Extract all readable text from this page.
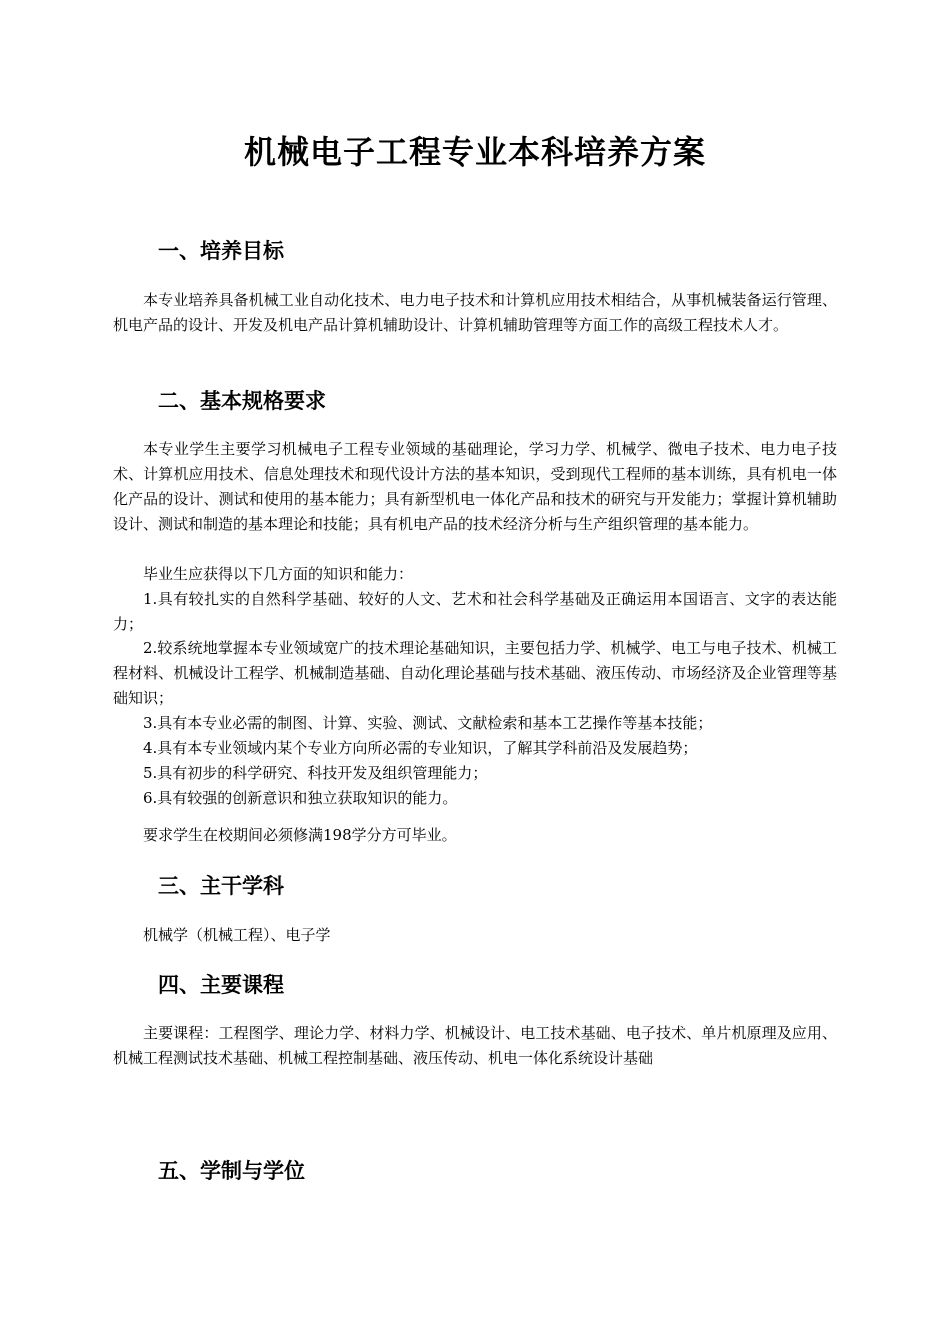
机械电子工程专业本科培养方案
一、培养目标

本专业培养具备机械工业自动化技术、电力电子技术和计算机应用技术相结合，从事机械装备运行管理、机电产品的设计、开发及机电产品计算机辅助设计、计算机辅助管理等方面工作的高级工程技术人才。

二、基本规格要求

本专业学生主要学习机械电子工程专业领域的基础理论，学习力学、机械学、微电子技术、电力电子技术、计算机应用技术、信息处理技术和现代设计方法的基本知识，受到现代工程师的基本训练，具有机电一体化产品的设计、测试和使用的基本能力；具有新型机电一体化产品和技术的研究与开发能力；掌握计算机辅助设计、测试和制造的基本理论和技能；具有机电产品的技术经济分析与生产组织管理的基本能力。

毕业生应获得以下几方面的知识和能力：

1.具有较扎实的自然科学基础、较好的人文、艺术和社会科学基础及正确运用本国语言、文字的表达能力；

2.较系统地掌握本专业领域宽广的技术理论基础知识，主要包括力学、机械学、电工与电子技术、机械工程材料、机械设计工程学、机械制造基础、自动化理论基础与技术基础、液压传动、市场经济及企业管理等基础知识；

3.具有本专业必需的制图、计算、实验、测试、文献检索和基本工艺操作等基本技能；

4.具有本专业领域内某个专业方向所必需的专业知识，了解其学科前沿及发展趋势；

5.具有初步的科学研究、科技开发及组织管理能力；

6.具有较强的创新意识和独立获取知识的能力。

要求学生在校期间必须修满198学分方可毕业。

三、主干学科

机械学（机械工程）、电子学

四、主要课程

主要课程：工程图学、理论力学、材料力学、机械设计、电工技术基础、电子技术、单片机原理及应用、机械工程测试技术基础、机械工程控制基础、液压传动、机电一体化系统设计基础

五、学制与学位
